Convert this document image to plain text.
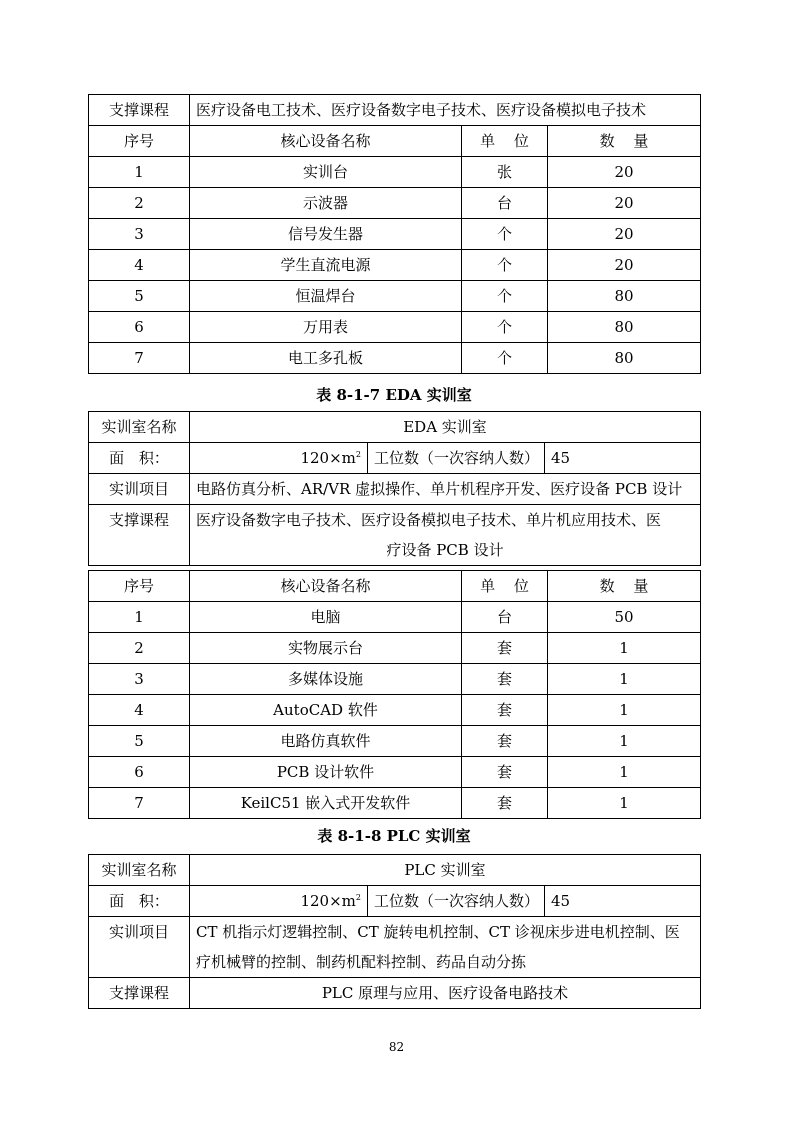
支撑课程	医疗设备电工技术、医疗设备数字电子技术、医疗设备模拟电子技术		
序号	核心设备名称	单 位	数 量
1	实训台	张	20
2	示波器	台	20
3	信号发生器	个	20
4	学生直流电源	个	20
5	恒温焊台	个	80
6	万用表	个	80
7	电工多孔板	个	80
表 8-1-7 EDA 实训室
实训室名称	EDA 实训室		
面 积：	$120\times m^2$	工位数（一次容纳人数）	45
实训项目	电路仿真分析、AR/VR 虚拟操作、单片机程序开发、医疗设备 PCB 设计		
支撑课程	医疗设备数字电子技术、医疗设备模拟电子技术、单片机应用技术、医
疗设备 PCB 设计		
序号	核心设备名称	单 位	数 量
1	电脑	台	50
2	实物展示台	套	1
3	多媒体设施	套	1
4	AutoCAD 软件	套	1
5	电路仿真软件	套	1
6	PCB 设计软件	套	1
7	KeilC51 嵌入式开发软件	套	1
表 8-1-8 PLC 实训室
实训室名称	PLC 实训室		
面 积：	$120\times m^2$	工位数（一次容纳人数）	45
实训项目	CT 机指示灯逻辑控制、CT 旋转电机控制、CT 诊视床步进电机控制、医疗机械臂的控制、制药机配料控制、药品自动分拣		
支撑课程	PLC 原理与应用、医疗设备电路技术		
82
